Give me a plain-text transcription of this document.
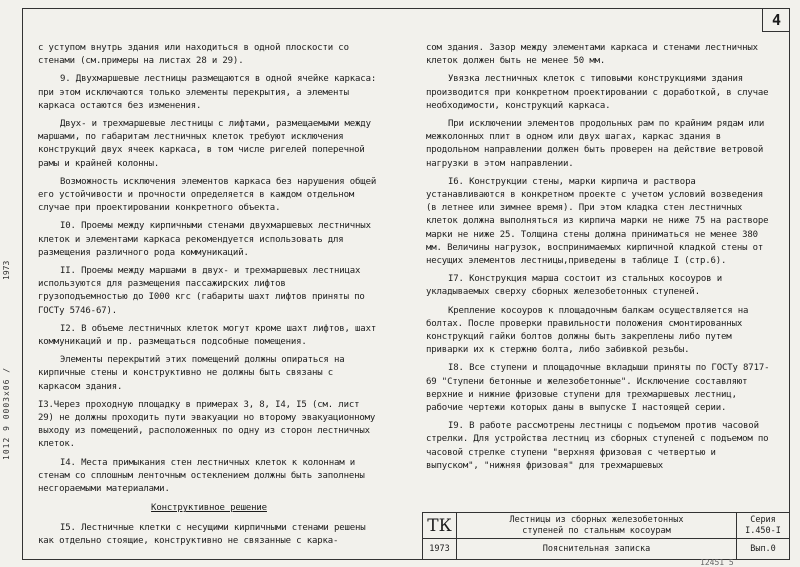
4
1973
1012 9 0003x06 /

с уступом внутрь здания или находиться в одной плоскости со стенами (см.примеры на листах 28 и 29).

9. Двухмаршевые лестницы размещаются в одной ячейке каркаса: при этом исключаются только элементы перекрытия, а элементы каркаса остаются без изменения.

Двух- и трехмаршевые лестницы с лифтами, размещаемыми между маршами, по габаритам лестничных клеток требуют исключения конструкций двух ячеек каркаса, в том числе ригелей поперечной рамы и крайней колонны.

Возможность исключения элементов каркаса без нарушения общей его устойчивости и прочности определяется в каждом отдельном случае при проектировании конкретного объекта.

I0. Проемы между кирпичными стенами двухмаршевых лестничных клеток и элементами каркаса рекомендуется использовать для размещения различного рода коммуникаций.

II. Проемы между маршами в двух- и трехмаршевых лестницах используются для размещения пассажирских лифтов грузоподъемностью до I000 кгс (габариты шахт лифтов приняты по ГОСТу 5746-67).

I2. В объеме лестничных клеток могут кроме шахт лифтов, шахт коммуникаций и пр. размещаться подсобные помещения.

Элементы перекрытий этих помещений должны опираться на кирпичные стены и конструктивно не должны быть связаны с каркасом здания.

I3.Через проходную площадку в примерах 3, 8, I4, I5 (см. лист 29) не должны проходить пути эвакуации но второму эвакуационному выходу из помещений, расположенных по одну из сторон лестничных клеток.

I4. Места примыкания стен лестничных клеток к колоннам и стенам со сплошным ленточным остеклением должны быть заполнены несгораемыми материалами.

Конструктивное решение

I5. Лестничные клетки с несущими кирпичными стенами решены как отдельно стоящие, конструктивно не связанные с карка-

сом здания. Зазор между элементами каркаса и стенами лестничных клеток должен быть не менее 50 мм.

Увязка лестничных клеток с типовыми конструкциями здания производится при конкретном проектировании с доработкой, в случае необходимости, конструкций каркаса.

При исключении элементов продольных рам по крайним рядам или межколонных плит в одном или двух шагах, каркас здания в продольном направлении должен быть проверен на действие ветровой нагрузки в этом направлении.

I6. Конструкции стены, марки кирпича и раствора устанавливаются в конкретном проекте с учетом условий возведения (в летнее или зимнее время). При этом кладка стен лестничных клеток должна выполняться из кирпича марки не ниже 75 на растворе марки не ниже 25. Толщина стены должна приниматься не менее 380 мм. Величины нагрузок, воспринимаемых кирпичной кладкой стены от несущих элементов лестницы,приведены в таблице I (стр.6).

I7. Конструкция марша состоит из стальных косоуров и укладываемых сверху сборных железобетонных ступеней.

Крепление косоуров к площадочным балкам осуществляется на болтах. После проверки правильности положения смонтированных конструкций гайки болтов должны быть закреплены либо путем приварки их к стержню болта, либо забивкой резьбы.

I8. Все ступени и площадочные вкладыши приняты по ГОСТу 8717-69 "Ступени бетонные и железобетонные". Исключение составляют верхние и нижние фризовые ступени для трехмаршевых лестниц, рабочие чертежи которых даны в выпуске I настоящей серии.

I9. В работе рассмотрены лестницы с подъемом против часовой стрелки. Для устройства лестниц из сборных ступеней с подъемом по часовой стрелке ступени "верхняя фризовая с четвертью и выпуском", "нижняя фризовая" для трехмаршевых

ТК
1973
Лестницы из сборных железобетонных
ступеней по стальным косоурам
Пояснительная записка
Серия
I.450-I
Вып.0
12451 5
